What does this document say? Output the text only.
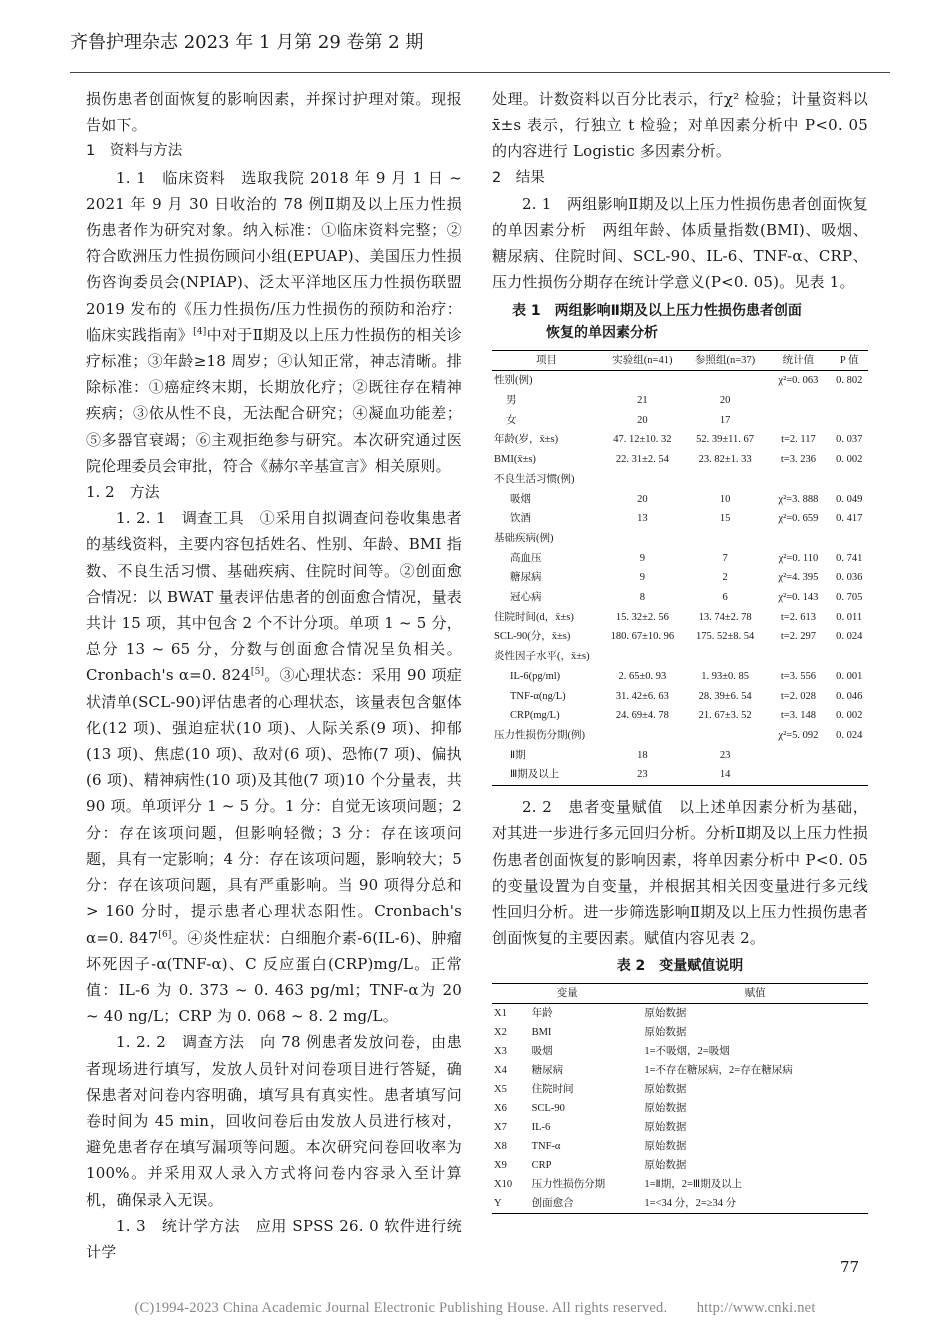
齐鲁护理杂志 2023 年 1 月第 29 卷第 2 期

损伤患者创面恢复的影响因素，并探讨护理对策。现报告如下。

1　资料与方法

1. 1　临床资料　选取我院 2018 年 9 月 1 日 ~ 2021 年 9 月 30 日收治的 78 例Ⅱ期及以上压力性损伤患者作为研究对象。纳入标准：①临床资料完整；②符合欧洲压力性损伤顾问小组(EPUAP)、美国压力性损伤咨询委员会(NPIAP)、泛太平洋地区压力性损伤联盟 2019 发布的《压力性损伤/压力性损伤的预防和治疗：临床实践指南》[4]中对于Ⅱ期及以上压力性损伤的相关诊疗标准；③年龄≥18 周岁；④认知正常，神志清晰。排除标准：①癌症终末期，长期放化疗；②既往存在精神疾病；③依从性不良，无法配合研究；④凝血功能差；⑤多器官衰竭；⑥主观拒绝参与研究。本次研究通过医院伦理委员会审批，符合《赫尔辛基宣言》相关原则。

1. 2　方法

1. 2. 1　调查工具　①采用自拟调查问卷收集患者的基线资料，主要内容包括姓名、性别、年龄、BMI 指数、不良生活习惯、基础疾病、住院时间等。②创面愈合情况：以 BWAT 量表评估患者的创面愈合情况，量表共计 15 项，其中包含 2 个不计分项。单项 1 ~ 5 分，总分 13 ~ 65 分，分数与创面愈合情况呈负相关。Cronbach's α=0. 824[5]。③心理状态：采用 90 项症状清单(SCL-90)评估患者的心理状态，该量表包含躯体化(12 项)、强迫症状(10 项)、人际关系(9 项)、抑郁(13 项)、焦虑(10 项)、敌对(6 项)、恐怖(7 项)、偏执(6 项)、精神病性(10 项)及其他(7 项)10 个分量表，共 90 项。单项评分 1 ~ 5 分。1 分：自觉无该项问题；2 分：存在该项问题，但影响轻微；3 分：存在该项问题，具有一定影响；4 分：存在该项问题，影响较大；5 分：存在该项问题，具有严重影响。当 90 项得分总和 > 160 分时，提示患者心理状态阳性。Cronbach's α=0. 847[6]。④炎性症状：白细胞介素-6(IL-6)、肿瘤坏死因子-α(TNF-α)、C 反应蛋白(CRP)mg/L。正常值：IL-6 为 0. 373 ~ 0. 463 pg/ml；TNF-α为 20 ~ 40 ng/L；CRP 为 0. 068 ~ 8. 2 mg/L。

1. 2. 2　调查方法　向 78 例患者发放问卷，由患者现场进行填写，发放人员针对问卷项目进行答疑，确保患者对问卷内容明确，填写具有真实性。患者填写问卷时间为 45 min，回收问卷后由发放人员进行核对，避免患者存在填写漏项等问题。本次研究问卷回收率为 100%。并采用双人录入方式将问卷内容录入至计算机，确保录入无误。

1. 3　统计学方法　应用 SPSS 26. 0 软件进行统计学

处理。计数资料以百分比表示，行χ² 检验；计量资料以 x̄±s 表示，行独立 t 检验；对单因素分析中 P<0. 05 的内容进行 Logistic 多因素分析。

2　结果

2. 1　两组影响Ⅱ期及以上压力性损伤患者创面恢复的单因素分析　两组年龄、体质量指数(BMI)、吸烟、糖尿病、住院时间、SCL-90、IL-6、TNF-α、CRP、压力性损伤分期存在统计学意义(P<0. 05)。见表 1。

表 1　两组影响Ⅱ期及以上压力性损伤患者创面
恢复的单因素分析
项目	实验组(n=41)	参照组(n=37)	统计值	P 值
性别(例)			χ²=0. 063	0. 802
男	21	20		
女	20	17		
年龄(岁，x̄±s)	47. 12±10. 32	52. 39±11. 67	t=2. 117	0. 037
BMI(x̄±s)	22. 31±2. 54	23. 82±1. 33	t=3. 236	0. 002
不良生活习惯(例)				
吸烟	20	10	χ²=3. 888	0. 049
饮酒	13	15	χ²=0. 659	0. 417
基础疾病(例)				
高血压	9	7	χ²=0. 110	0. 741
糖尿病	9	2	χ²=4. 395	0. 036
冠心病	8	6	χ²=0. 143	0. 705
住院时间(d，x̄±s)	15. 32±2. 56	13. 74±2. 78	t=2. 613	0. 011
SCL-90(分，x̄±s)	180. 67±10. 96	175. 52±8. 54	t=2. 297	0. 024
炎性因子水平(，x̄±s)				
IL-6(pg/ml)	2. 65±0. 93	1. 93±0. 85	t=3. 556	0. 001
TNF-α(ng/L)	31. 42±6. 63	28. 39±6. 54	t=2. 028	0. 046
CRP(mg/L)	24. 69±4. 78	21. 67±3. 52	t=3. 148	0. 002
压力性损伤分期(例)			χ²=5. 092	0. 024
Ⅱ期	18	23		
Ⅲ期及以上	23	14		

2. 2　患者变量赋值　以上述单因素分析为基础，对其进一步进行多元回归分析。分析Ⅱ期及以上压力性损伤患者创面恢复的影响因素，将单因素分析中 P<0. 05 的变量设置为自变量，并根据其相关因变量进行多元线性回归分析。进一步筛选影响Ⅱ期及以上压力性损伤患者创面恢复的主要因素。赋值内容见表 2。

表 2　变量赋值说明
变量		赋值
X1	年龄	原始数据
X2	BMI	原始数据
X3	吸烟	1=不吸烟，2=吸烟
X4	糖尿病	1=不存在糖尿病，2=存在糖尿病
X5	住院时间	原始数据
X6	SCL-90	原始数据
X7	IL-6	原始数据
X8	TNF-α	原始数据
X9	CRP	原始数据
X10	压力性损伤分期	1=Ⅱ期，2=Ⅲ期及以上
Y	创面愈合	1=<34 分，2=≥34 分
77
(C)1994-2023 China Academic Journal Electronic Publishing House. All rights reserved.　　http://www.cnki.net
